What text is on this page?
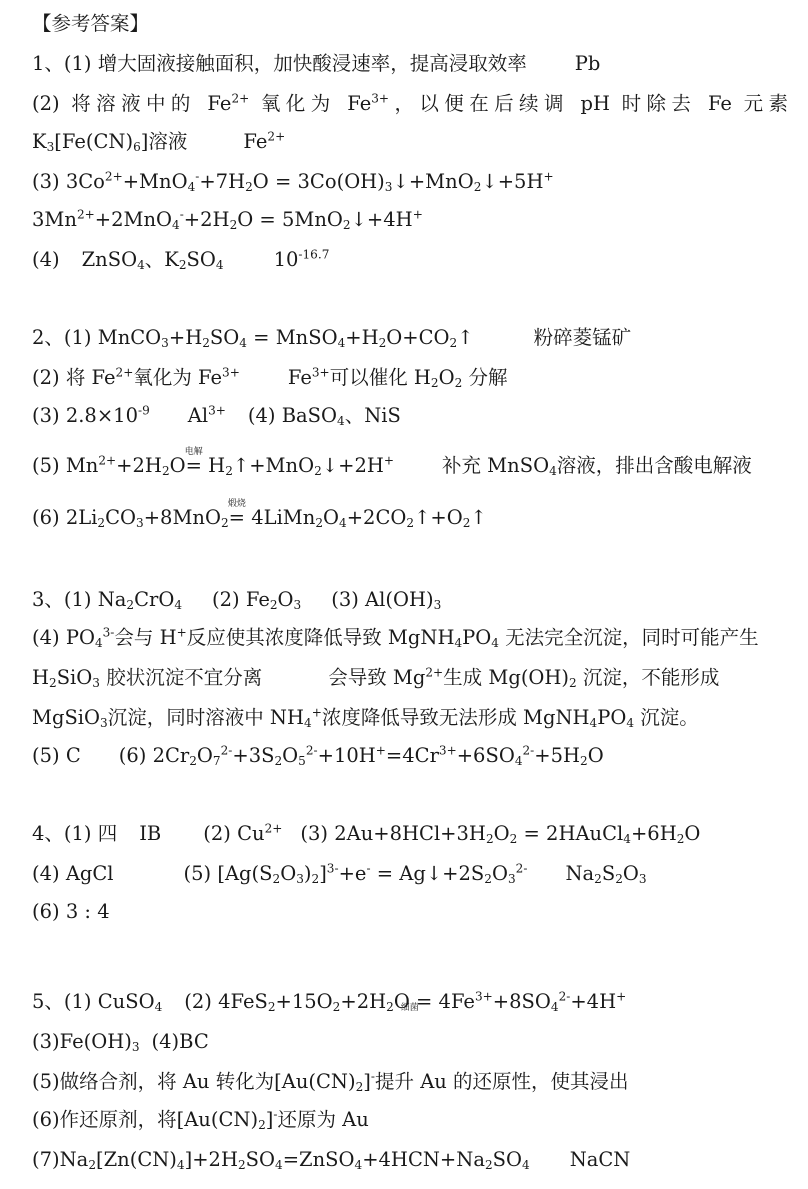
【参考答案】
1、(1) 增大固液接触面积，加快酸浸速率，提高浸取效率 Pb
(2) 将溶液中的 $Fe^{2+}$ 氧化为 $Fe^{3+}$，以便在后续调 pH 时除去 Fe 元素
$K_3[Fe(CN)_6]$溶液	$Fe^{2+}$
(3) $3Co^{2+}+MnO_4^-+7H_2O$ = $3Co(OH)_3↓+MnO_2↓+5H^+$
$3Mn^{2+}+2MnO_4^-+2H_2O$ = 5MnO$_2$↓+4H+
(4) ZnSO$_4$、$K_2SO_4$	$10^{-16.7}$
2、(1) $MnCO_3+H_2SO_4$ = $MnSO_4+H_2O+CO_2↑$	粉碎菱锰矿
(2) 将 $Fe^{2+}$氧化为 $Fe^{3+}$ $Fe^{3+}$可以催化 $H_2O_2$ 分解
(3) $2.8\times 10^{-9}$ $Al^{3+}$ (4) BaSO$_4$、NiS
(5) $Mn^{2+}+2H_2O$电解 = $H_2↑+MnO_2↓+2H^+$ 补充 MnSO$_4$溶液，排出含酸电解液
(6) $2Li_2CO_3+8MnO_2$煅烧 = $4LiMn_2O_4+2CO_2↑+O_2↑$
3、(1) $Na_2CrO_4$ (2) $Fe_2O_3$ (3) $Al(OH)_3$
(4) $PO_4^{3-}$会与 H+反应使其浓度降低导致 $MgNH_4PO_4$ 无法完全沉淀，同时可能产生
$H_2SiO_3$ 胶状沉淀不宜分离	会导致 $Mg^{2+}$生成 $Mg(OH)_2$ 沉淀，不能形成
MgSiO$_3$沉淀，同时溶液中 $NH_4^+$浓度降低导致无法形成 $MgNH_4PO_4$ 沉淀。
(5) C (6) $2Cr_2O_7^{2-}+3S_2O_5^{2-}+10H^+=4Cr^{3+}+6SO_4^{2-}+5H_2O$
4、(1) 四 IB (2) $Cu^{2+}$ (3) $2Au+8HCl+3H_2O_2$ = $2HAuCl_4+6H_2O$
(4) AgCl	(5) $[Ag(S_2O_3)_2]^{3-}+e^-$ = $Ag↓+2S_2O_3^{2-}$ $Na_2S_2O_3$
(6) 3 : 4
5、(1) CuSO$_4$ (2) $4FeS_2+15O_2+2H_2O = 4Fe^{3+}+8SO_4^{2-}+4H^+$
$(3)Fe(OH)_3$ (4)BC
(5)做络合剂，将 Au 转化为$[Au(CN)_2]^-$提升 Au 的还原性，使其浸出
(6)作还原剂，将$[Au(CN)_2]^-$还原为 Au
$(7)Na_2[Zn(CN)_4]+2H_2SO_4=ZnSO_4+4HCN+Na_2SO_4$ NaCN
